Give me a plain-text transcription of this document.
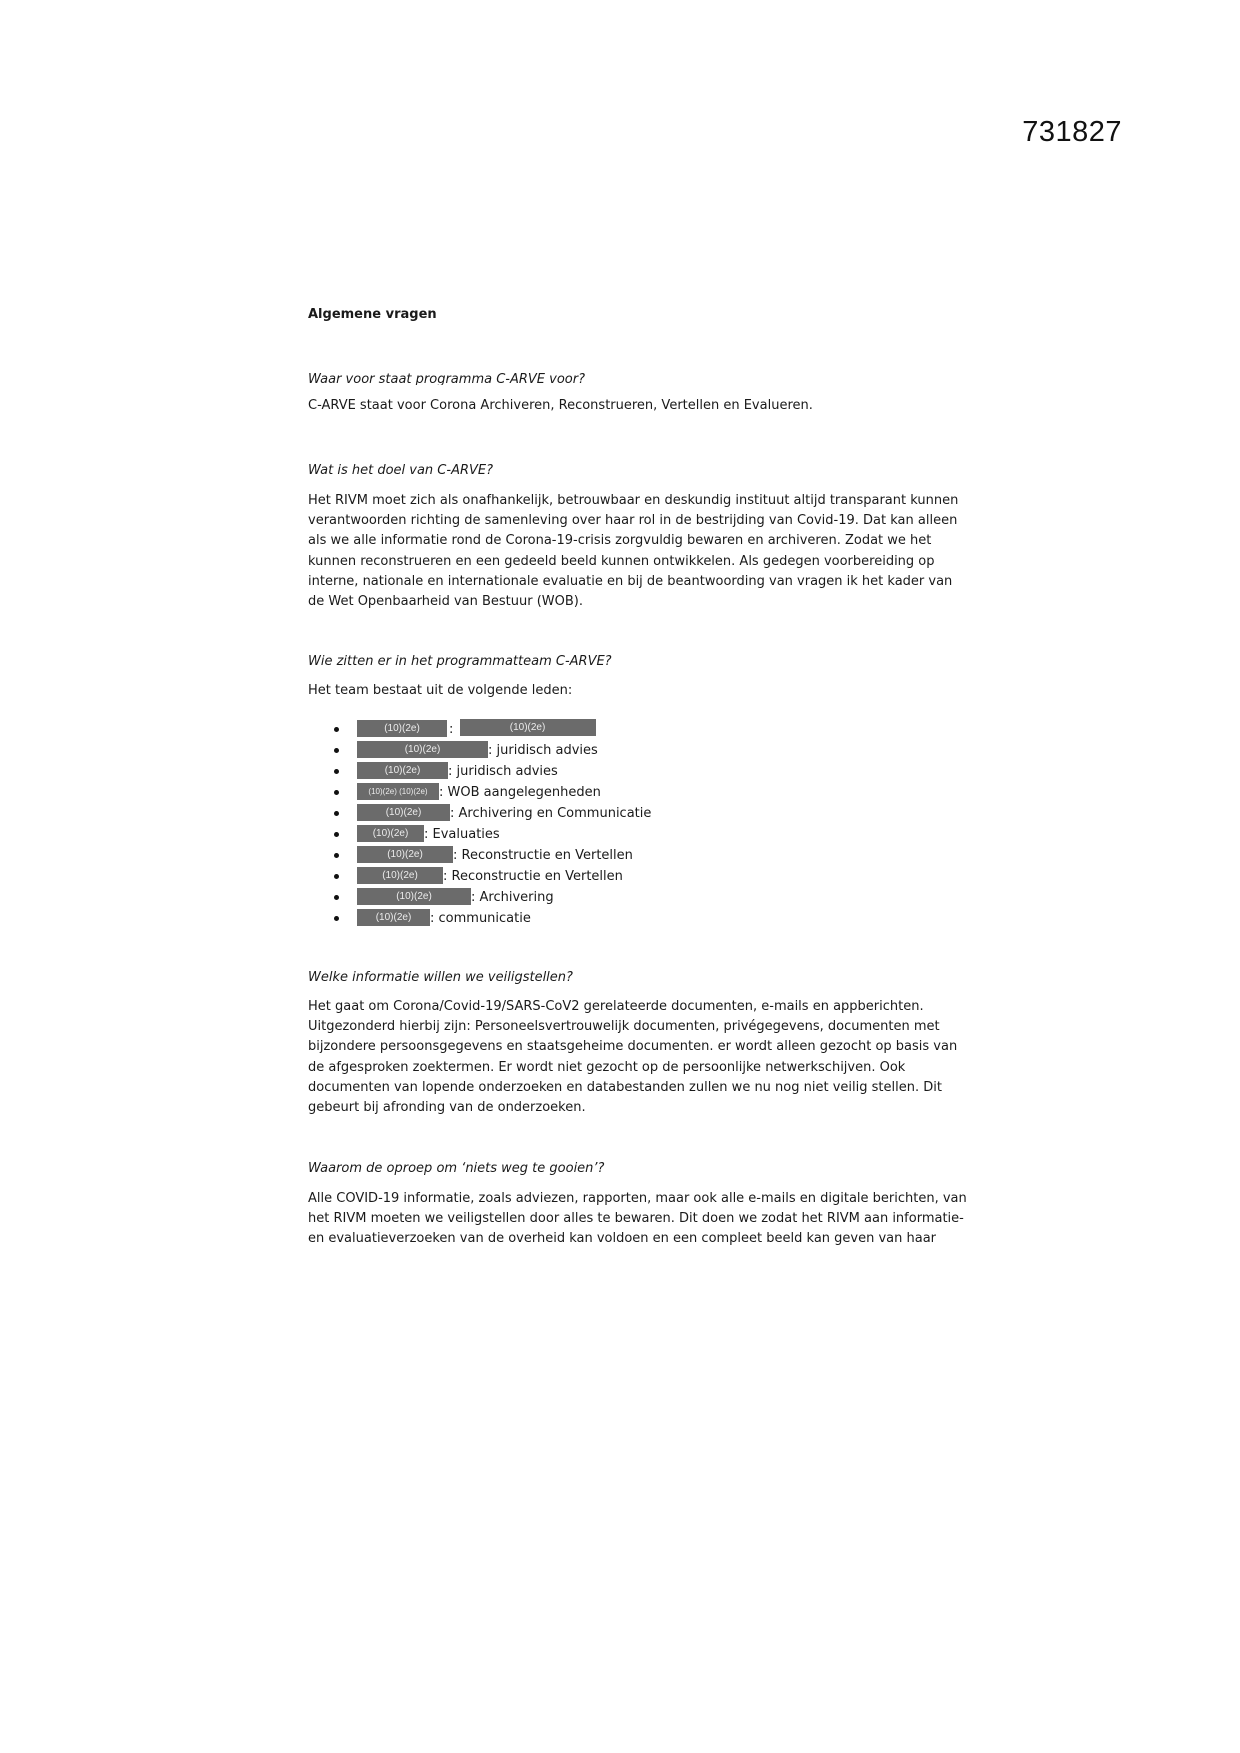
731827
Algemene vragen
Waar voor staat programma C-ARVE voor?
C-ARVE staat voor Corona Archiveren, Reconstrueren, Vertellen en Evalueren.
Wat is het doel van C-ARVE?
Het RIVM moet zich als onafhankelijk, betrouwbaar en deskundig instituut altijd transparant kunnen
verantwoorden richting de samenleving over haar rol in de bestrijding van Covid-19. Dat kan alleen
als we alle informatie rond de Corona-19-crisis zorgvuldig bewaren en archiveren. Zodat we het
kunnen reconstrueren en een gedeeld beeld kunnen ontwikkelen. Als gedegen voorbereiding op
interne, nationale en internationale evaluatie en bij de beantwoording van vragen ik het kader van
de Wet Openbaarheid van Bestuur (WOB).
Wie zitten er in het programmatteam C-ARVE?
Het team bestaat uit de volgende leden:
(10)(2e) :	(10)(2e)
(10)(2e)	: juridisch advies
(10)(2e) : juridisch advies
(10)(2e) (10)(2e) : WOB aangelegenheden
(10)(2e) : Archivering en Communicatie
(10)(2e) : Evaluaties
(10)(2e) : Reconstructie en Vertellen
(10)(2e) : Reconstructie en Vertellen
(10)(2e)	: Archivering
(10)(2e) : communicatie
Welke informatie willen we veiligstellen?
Het gaat om Corona/Covid-19/SARS-CoV2 gerelateerde documenten, e-mails en appberichten.
Uitgezonderd hierbij zijn: Personeelsvertrouwelijk documenten, privégegevens, documenten met
bijzondere persoonsgegevens en staatsgeheime documenten. er wordt alleen gezocht op basis van
de afgesproken zoektermen. Er wordt niet gezocht op de persoonlijke netwerkschijven. Ook
documenten van lopende onderzoeken en databestanden zullen we nu nog niet veilig stellen. Dit
gebeurt bij afronding van de onderzoeken.
Waarom de oproep om ‘niets weg te gooien’?
Alle COVID-19 informatie, zoals adviezen, rapporten, maar ook alle e-mails en digitale berichten, van
het RIVM moeten we veiligstellen door alles te bewaren. Dit doen we zodat het RIVM aan informatie-
en evaluatieverzoeken van de overheid kan voldoen en een compleet beeld kan geven van haar
